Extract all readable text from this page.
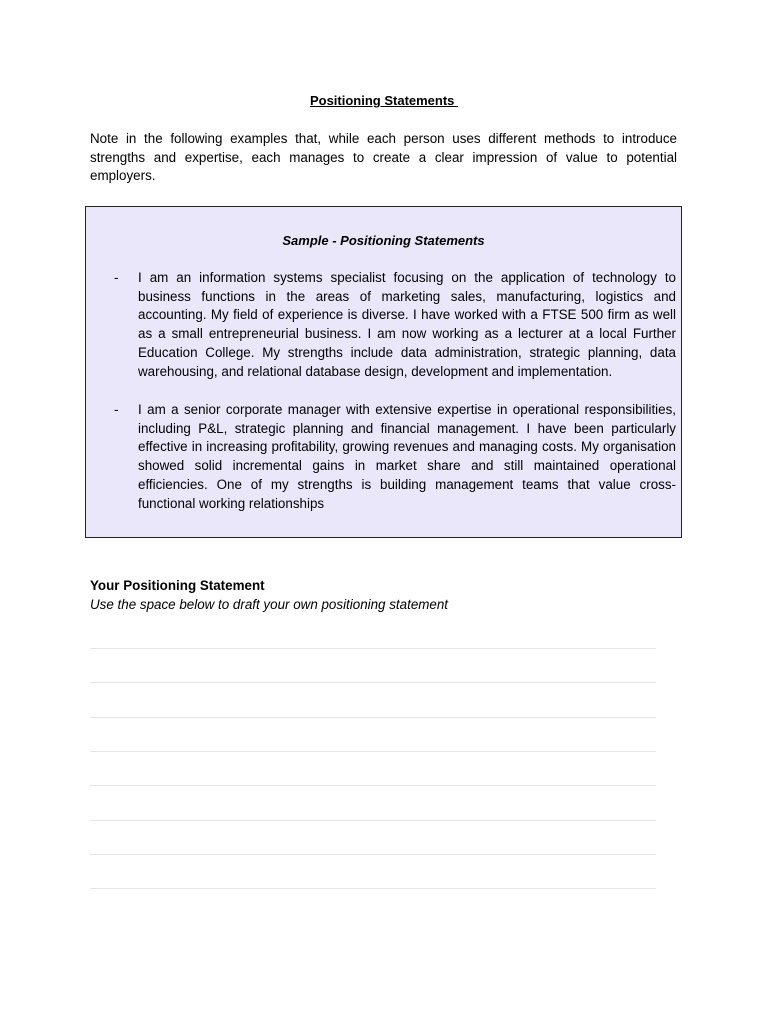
Positioning Statements
Note in the following examples that, while each person uses different methods to introduce strengths and expertise, each manages to create a clear impression of value to potential employers.
Sample - Positioning Statements
- I am an information systems specialist focusing on the application of technology to business functions in the areas of marketing sales, manufacturing, logistics and accounting. My field of experience is diverse. I have worked with a FTSE 500 firm as well as a small entrepreneurial business. I am now working as a lecturer at a local Further Education College. My strengths include data administration, strategic planning, data warehousing, and relational database design, development and implementation.
- I am a senior corporate manager with extensive expertise in operational responsibilities, including P&L, strategic planning and financial management. I have been particularly effective in increasing profitability, growing revenues and managing costs. My organisation showed solid incremental gains in market share and still maintained operational efficiencies. One of my strengths is building management teams that value cross-functional working relationships
Your Positioning Statement
Use the space below to draft your own positioning statement
